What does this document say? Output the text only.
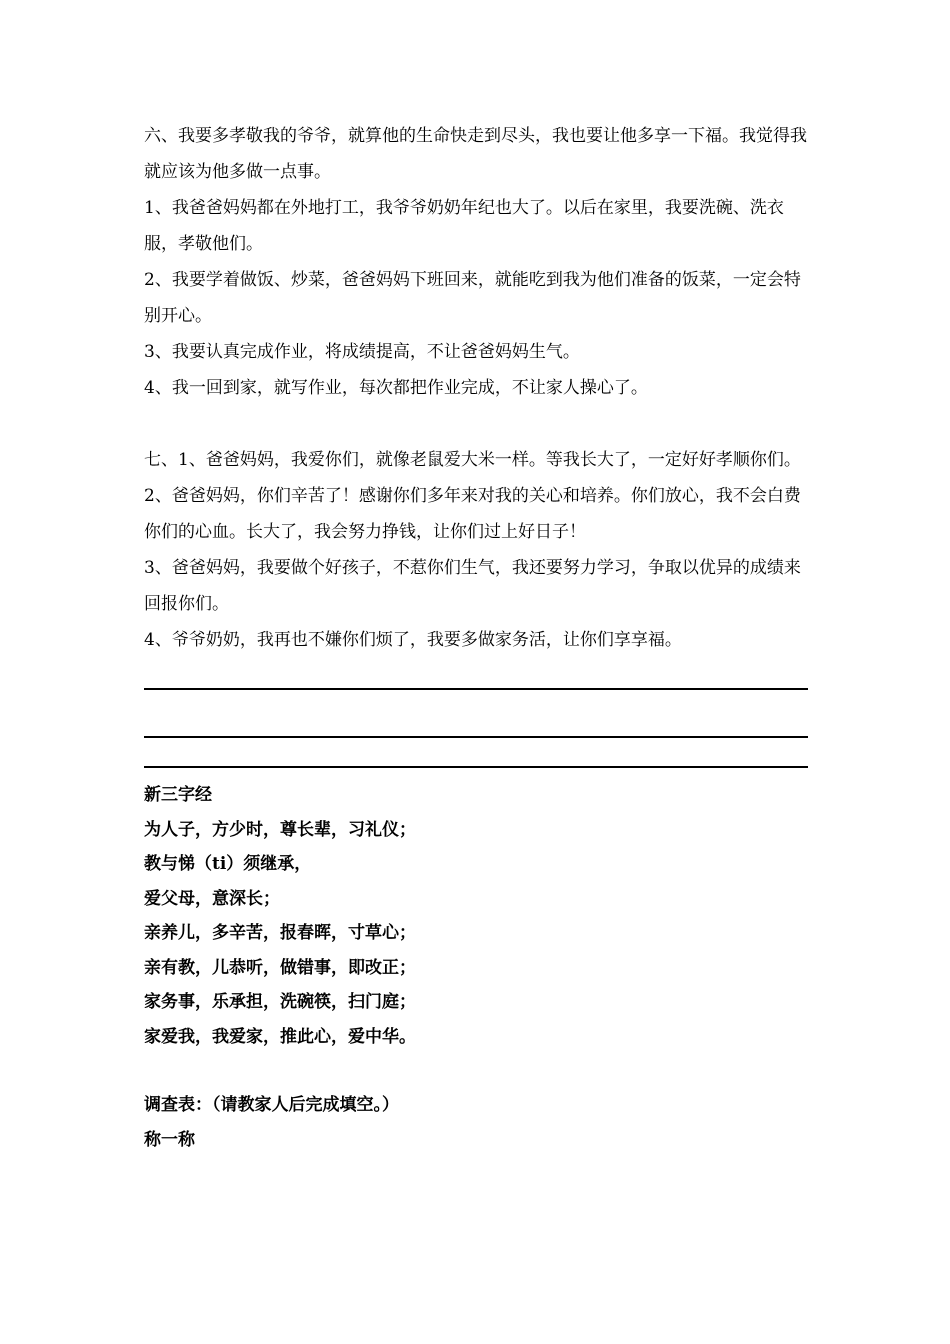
六、我要多孝敬我的爷爷，就算他的生命快走到尽头，我也要让他多享一下福。我觉得我就应该为他多做一点事。

1、我爸爸妈妈都在外地打工，我爷爷奶奶年纪也大了。以后在家里，我要洗碗、洗衣服，孝敬他们。

2、我要学着做饭、炒菜，爸爸妈妈下班回来，就能吃到我为他们准备的饭菜，一定会特别开心。

3、我要认真完成作业，将成绩提高，不让爸爸妈妈生气。

4、我一回到家，就写作业，每次都把作业完成，不让家人操心了。

七、1、爸爸妈妈，我爱你们，就像老鼠爱大米一样。等我长大了，一定好好孝顺你们。

2、爸爸妈妈，你们辛苦了！感谢你们多年来对我的关心和培养。你们放心，我不会白费你们的心血。长大了，我会努力挣钱，让你们过上好日子！

3、爸爸妈妈，我要做个好孩子，不惹你们生气，我还要努力学习，争取以优异的成绩来回报你们。

4、爷爷奶奶，我再也不嫌你们烦了，我要多做家务活，让你们享享福。

新三字经

为人子，方少时，尊长辈，习礼仪；

教与悌（ti）须继承，

爱父母，意深长；

亲养儿，多辛苦，报春晖，寸草心；

亲有教，儿恭听，做错事，即改正；

家务事，乐承担，洗碗筷，扫门庭；

家爱我，我爱家，推此心，爱中华。

调查表：（请教家人后完成填空。）

称一称
